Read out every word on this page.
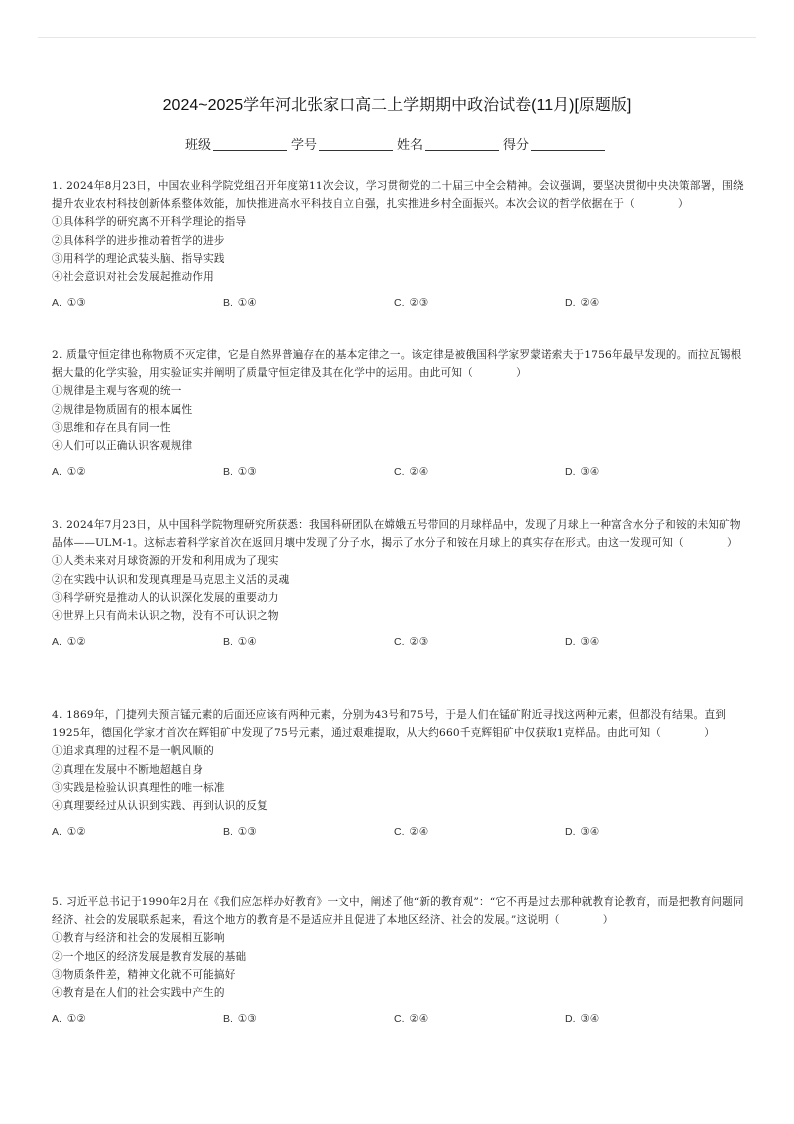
2024~2025学年河北张家口高二上学期期中政治试卷(11月)[原题版]
班级	学号	姓名	得分

1. 2024年8月23日，中国农业科学院党组召开年度第11次会议，学习贯彻党的二十届三中全会精神。会议强调，要坚决贯彻中央决策部署，围绕提升农业农村科技创新体系整体效能，加快推进高水平科技自立自强，扎实推进乡村全面振兴。本次会议的哲学依据在于（　　　　）

①具体科学的研究离不开科学理论的指导

②具体科学的进步推动着哲学的进步

③用科学的理论武装头脑、指导实践

④社会意识对社会发展起推动作用

A. ①③	B. ①④	C. ②③	D. ②④

2. 质量守恒定律也称物质不灭定律，它是自然界普遍存在的基本定律之一。该定律是被俄国科学家罗蒙诺索夫于1756年最早发现的。而拉瓦锡根据大量的化学实验，用实验证实并阐明了质量守恒定律及其在化学中的运用。由此可知（　　　　）

①规律是主观与客观的统一

②规律是物质固有的根本属性

③思维和存在具有同一性

④人们可以正确认识客观规律

A. ①②	B. ①③	C. ②④	D. ③④

3. 2024年7月23日，从中国科学院物理研究所获悉：我国科研团队在嫦娥五号带回的月球样品中，发现了月球上一种富含水分子和铵的未知矿物晶体——ULM-1。这标志着科学家首次在返回月壤中发现了分子水，揭示了水分子和铵在月球上的真实存在形式。由这一发现可知（　　　　）

①人类未来对月球资源的开发和利用成为了现实

②在实践中认识和发现真理是马克思主义活的灵魂

③科学研究是推动人的认识深化发展的重要动力

④世界上只有尚未认识之物，没有不可认识之物

A. ①②	B. ①④	C. ②③	D. ③④

4. 1869年，门捷列夫预言锰元素的后面还应该有两种元素，分别为43号和75号，于是人们在锰矿附近寻找这两种元素，但都没有结果。直到1925年，德国化学家才首次在辉钼矿中发现了75号元素，通过艰难提取，从大约660千克辉钼矿中仅获取1克样品。由此可知（　　　　）

①追求真理的过程不是一帆风顺的

②真理在发展中不断地超越自身

③实践是检验认识真理性的唯一标准

④真理要经过从认识到实践、再到认识的反复

A. ①②	B. ①③	C. ②④	D. ③④

5. 习近平总书记于1990年2月在《我们应怎样办好教育》一文中，阐述了他“新的教育观”：“它不再是过去那种就教育论教育，而是把教育问题同经济、社会的发展联系起来，看这个地方的教育是不是适应并且促进了本地区经济、社会的发展。”这说明（　　　　）

①教育与经济和社会的发展相互影响

②一个地区的经济发展是教育发展的基础

③物质条件差，精神文化就不可能搞好

④教育是在人们的社会实践中产生的

A. ①②	B. ①③	C. ②④	D. ③④
